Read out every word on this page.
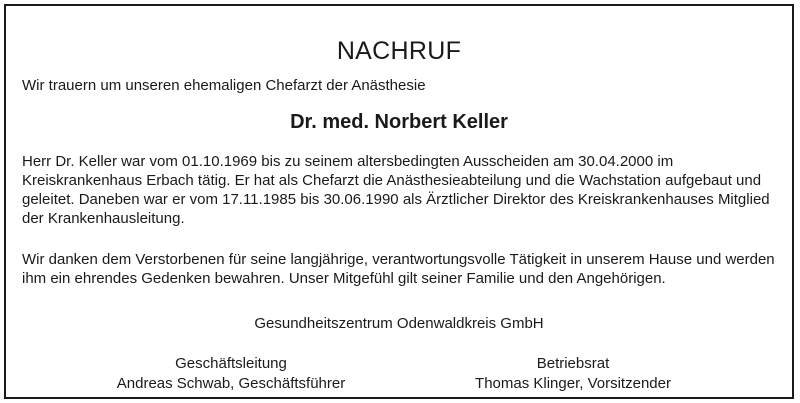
NACHRUF
Wir trauern um unseren ehemaligen Chefarzt der Anästhesie
Dr. med. Norbert Keller

Herr Dr. Keller war vom 01.10.1969 bis zu seinem altersbedingten Ausscheiden am 30.04.2000 im Kreiskrankenhaus Erbach tätig. Er hat als Chefarzt die Anästhesieabteilung und die Wachstation aufgebaut und geleitet. Daneben war er vom 17.11.1985 bis 30.06.1990 als Ärztlicher Direktor des Kreiskrankenhauses Mitglied der Krankenhausleitung.

Wir danken dem Verstorbenen für seine langjährige, verantwortungsvolle Tätigkeit in unserem Hause und werden ihm ein ehrendes Gedenken bewahren. Unser Mitgefühl gilt seiner Familie und den Angehörigen.

Gesundheitszentrum Odenwaldkreis GmbH
Geschäftsleitung
Andreas Schwab, Geschäftsführer
Betriebsrat
Thomas Klinger, Vorsitzender
